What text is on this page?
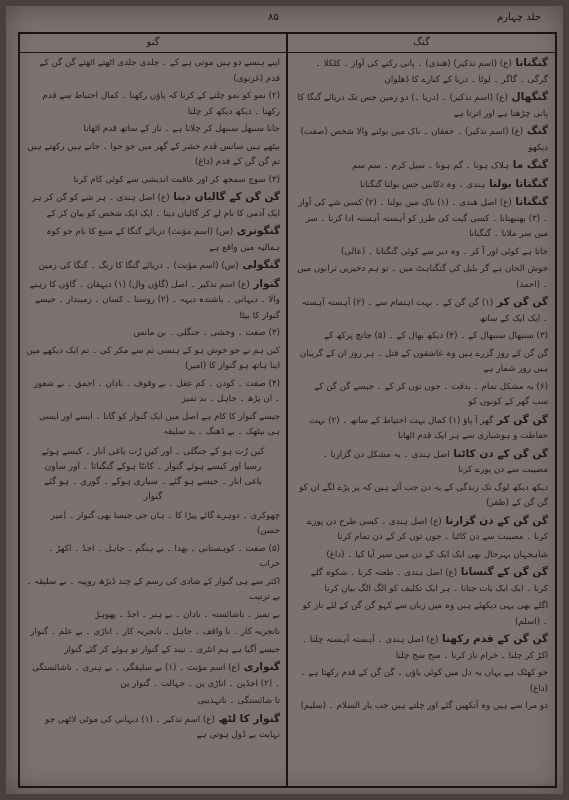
جلد چہارم
۸۵
گنو	گنگ
گنگنانا (ع) (اسم تذکیر) (ھندی) ۔ پانی رکنے کی آواز ۔ کلکلا ۔ گرگی ۔ گاگر ۔ لوٹا ۔ دریا کے کنارے کا ڈھلوان
گنگھال (ع) (اسم تذکیر) ۔ (دریا ۔) دو زمین جس تک دریائے گنگا کا پانی چڑھتا ہے اور اترتا ہے
گنگ (ع) (اسم تذکیر) ۔ خفقان ۔ ناک میں بولنے والا شخص (صفت) دیکھو
گنگ ما ہلاک ہونا ۔ گم ہونا ۔ سیل کرم ۔ سم سم
گنگناتا بولنا ہندی ۔ وہ دکانیں جس بولنا گنگنانا
گنگنانا (ع) اصل ھندی ۔ (۱) ناک میں بولنا ۔ (۲) کسی شے کی آواز ۔ (۳) بھنبھنانا ۔ کسی گیت کی طرز کو آہستہ آہستہ ادا کرنا ۔ سر میں سر ملانا ۔ گنگنانا
جاتا ہے کوئی اور آ کر ۔ وہ دیر سے کوئی گنگنانا ۔ (عالی)
خوش الحان ہے گر بلبل کی گنگناہٹ میں ۔ تو ہم دخیریں ترانوں میں ۔ (احمد)
گن گن کر (۱) گن گن کے ۔ بہت اہتمام سے ۔ (۲) آہستہ آہستہ ۔ ایک ایک کے ساتھ
(۳) سنبھال سنبھال کے ۔ (۴) دیکھ بھال کے ۔ (۵) جانچ پرکھ کے
گن گن کے روز گزرے ہیں وہ عاشقوں کے قتل ۔ ہر روز ان کے گریبان ہیں روز شمار ہے
(۶) بہ مشکل تمام ۔ بدقت ۔ جوں توں کر کے ۔ جیسے گن گن کے سب گھر کے کونوں کو
گن گن کر گھر آ پاؤ (۱) کمال بہت احتیاط کے ساتھ ۔ (۲) بہت حفاظت و ہوشیاری سے ہر ایک قدم اٹھانا
گن گن کے دن کاٹنا اصل ہندی ۔ بہ مشکل دن گزارنا ۔ مصیبت سے دن پورے کرنا
دیکھ دیکھ لوگ تک زندگی کے یہ دن جب آئے ہیں کہ پر پڑے لگے ان کو گن گن کے (ظفر)
گن گن کے دن گزارنا (ع) اصل ہندی ۔ کسی طرح دن پورے کرنا ۔ مصیبت سے دن کاٹنا ۔ جوں توں کر کے دن تمام کرنا
شاہجہان بہرحال بھی ایک ایک کے دن میں سیر آیا کیا ۔ (داغ)
گن گن کے گنسانا (ع) اصل ہندی ۔ طعنہ کرنا ۔ شکوہ گلے کرنا ۔ ایک ایک بات جتانا ۔ ہر ایک تکلیف کو الگ الگ بیان کرنا
اگلے بھی یہی دیکھئے ہیں وہ میں زباں سے کہو گن گن کے لئے ناز کو ۔ (اسلم)
گن گن کے قدم رکھنا (ع) اصل ہندی ۔ آہستہ آہستہ چلنا ۔ اکڑ کر چلنا ۔ خرام ناز کرنا ۔ سج سج چلنا
جو کھٹک ہے یہاں یہ دل میں کوئی پاؤں ۔ گن گن کے قدم رکھتا ہے ۔ (داغ)
دو مرا سے ہیں وہ آنکھیں گئے اور چلتے ہیں جب یار السلام ۔ (سلیم)
اپنے ہنسے دو ہیں موتی ہے کے ۔ جلدی جلدی اٹھتے اٹھتے گن گن کے قدم (غزنوی)
(۲) نمو کو نمو چلنے کے کرنا کہ پاؤں رکھنا ۔ کمال احتیاط سے قدم رکھنا ۔ دیکھ دیکھ کر چلنا
جانا سنبھل سنبھل کر چلانا ہے ۔ ناز کے ساتھ قدم اٹھانا
بیٹھے ہیں سانس قدم حشر کے گھر میں جو حوا ۔ جاتے ہیں رکھتے ہیں تم گن گن کے قدم (داغ)
(۳) سوچ سمجھ کر اور عاقبت اندیشی سے کوئی کام کرنا
گن گن کے گالیاں دینا (ع) اصل ہندی ۔ ہر شے کو گن کر ہر ایک آدمی کا نام لے کر گالیاں دینا ۔ ایک ایک شخص کو بیان کر کے
گنگوتری (س) (اسم مؤنث) دریائے گنگا کے منبع کا نام جو کوہ ہمالیہ میں واقع ہے
گنگولی (س) (اسم مؤنث) ۔ دریائے گنگا کا رنگ ۔ گنگا کی زمین
گنوار (ع) اسم تذکیر ۔ اصل (گاؤں وال) (۱) دیہقان ۔ گاؤں کا رہنے والا ۔ دیہاتی ۔ باشندہ دیہہ ۔ (۲) روستا ۔ کسان ۔ زمیندار ۔ جیسے گنوار کا بیٹا
(۳) صفت ۔ وحشی ۔ جنگلی ۔ بن مانس
کیں ہم نے جو خوش ہو کے ہنسی تم سے مکر کی ۔ تم ایک دیکھے میں اپنا ہاتھ ہو گنوار کا (امیر)
(۴) صفت ۔ کودن ۔ کم عقل ۔ بے وقوف ۔ نادان ۔ احمق ۔ بے شعور ۔ ان پڑھ ۔ جاہل ۔ بد تمیز
جیسے گنوار کا کام ہے اصل میں ایک گنوار کو گانا ۔ ایسے اور ایسی ہی بیٹھک ۔ بے ڈھنگ ۔ بد سلیقہ
کیں رُت ہو کے جنگلی ۔ اور کیں رُت باغی انار ۔ کیسے ہوئے رسیا اور کیسے ہوئے گنوار ۔ کانٹا ہوکے گنگناتا ۔ اور ساون باغی انار ۔ جیسے ہو گئے ۔ سیاری ہوکے ۔ گوری ۔ ہو گئے گنوار
چھوکری ۔ دوہرے گائے پیڑا کا ۔ ہاں جی جیسا بھی گنوار ۔ (میر حسن)
(۵) صفت ۔ کوہستانی ۔ بھدا ۔ بے ہنگم ۔ جاہل ۔ اجڈ ۔ اکھڑ ۔ خراب
اکثر سے ہی گنوار کے شادی کی رسم کے چند ڈیڑھ روپیہ ۔ بے سلیقہ ۔ بے ترتیب
بے تمیز ۔ ناشائستہ ۔ نادان ۔ بے ہنر ۔ اجڈ ۔ پھوہڑ
ناتجربہ کار ۔ نا واقف ۔ جاہل ۔ ناتجربہ کار ۔ اناڑی ۔ بے علم ۔ گنوار
جیسے آگیا ہے ہم انٹری ۔ نیند کے گنوار تو ہوئے کر گئے گنوار
گنواری (ع) اسم مؤنث ۔ (۱) بے سلیقگی ۔ بے ہنری ۔ ناشائستگی ۔ (۲) اجڈپن ۔ اناڑی پن ۔ جہالت ۔ گنوار پن
تا شائستگی ۔ ناتہذیبی
گنوار کا لٹھ (ع) اسم تذکیر ۔ (۱) دیہاتی کی موٹی لاٹھی جو نہایت بے ڈول ہوتی ہے
